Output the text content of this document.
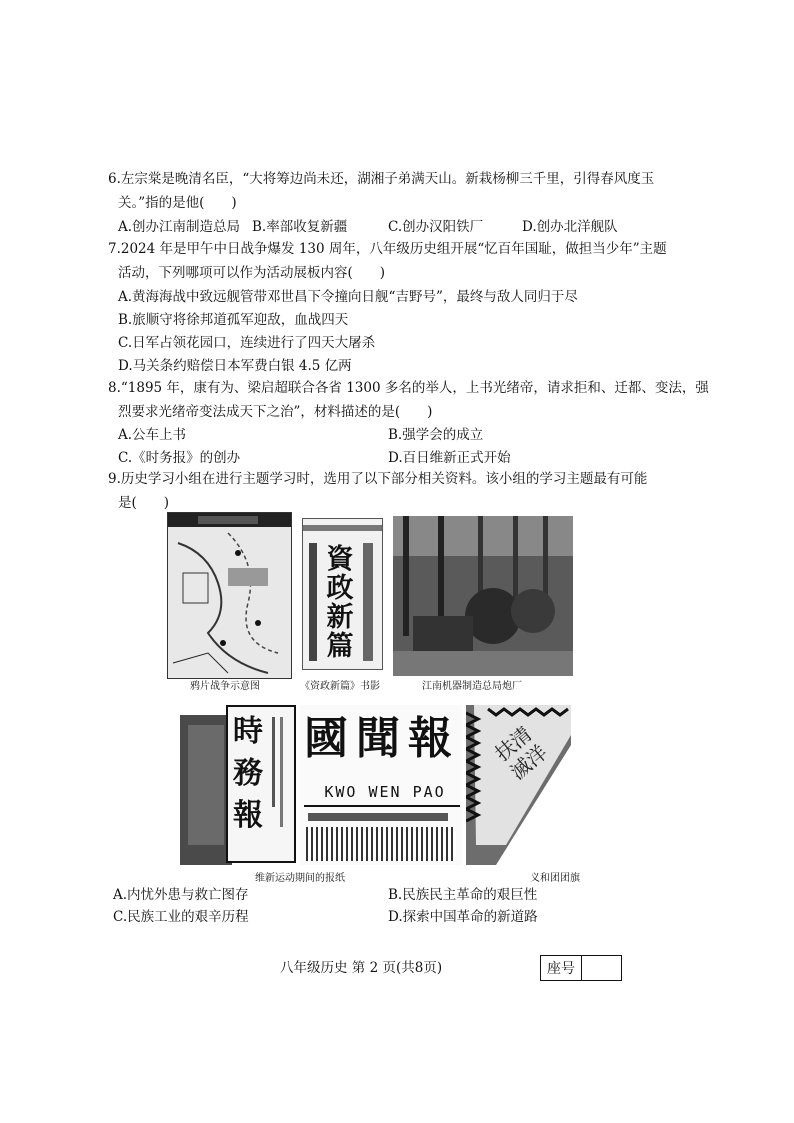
6.左宗棠是晚清名臣，“大将筹边尚未还，湖湘子弟满天山。新栽杨柳三千里，引得春风度玉
关。”指的是他(　　)
A.创办江南制造总局 B.率部收复新疆	C.创办汉阳铁厂	D.创办北洋舰队
7.2024 年是甲午中日战争爆发 130 周年，八年级历史组开展“忆百年国耻，做担当少年”主题
活动，下列哪项可以作为活动展板内容(　　)
A.黄海海战中致远舰管带邓世昌下令撞向日舰“吉野号”，最终与敌人同归于尽
B.旅顺守将徐邦道孤军迎敌，血战四天
C.日军占领花园口，连续进行了四天大屠杀
D.马关条约赔偿日本军费白银 4.5 亿两
8.“1895 年，康有为、梁启超联合各省 1300 多名的举人，上书光绪帝，请求拒和、迁都、变法，强
烈要求光绪帝变法成天下之治”，材料描述的是(　　)
A.公车上书	B.强学会的成立
C.《时务报》的创办	D.百日维新正式开始
9.历史学习小组在进行主题学习时，选用了以下部分相关资料。该小组的学习主题最有可能
是(　　)
鸦片战争示意图
資政新篇
《资政新篇》书影	江南机器制造总局炮厂
時務報
國聞報
KWO WEN PAO
维新运动期间的报纸
扶清滅洋
义和团团旗
A.内忧外患与救亡图存	B.民族民主革命的艰巨性
C.民族工业的艰辛历程	D.探索中国革命的新道路
八年级历史 第 2 页(共8页)	座号
